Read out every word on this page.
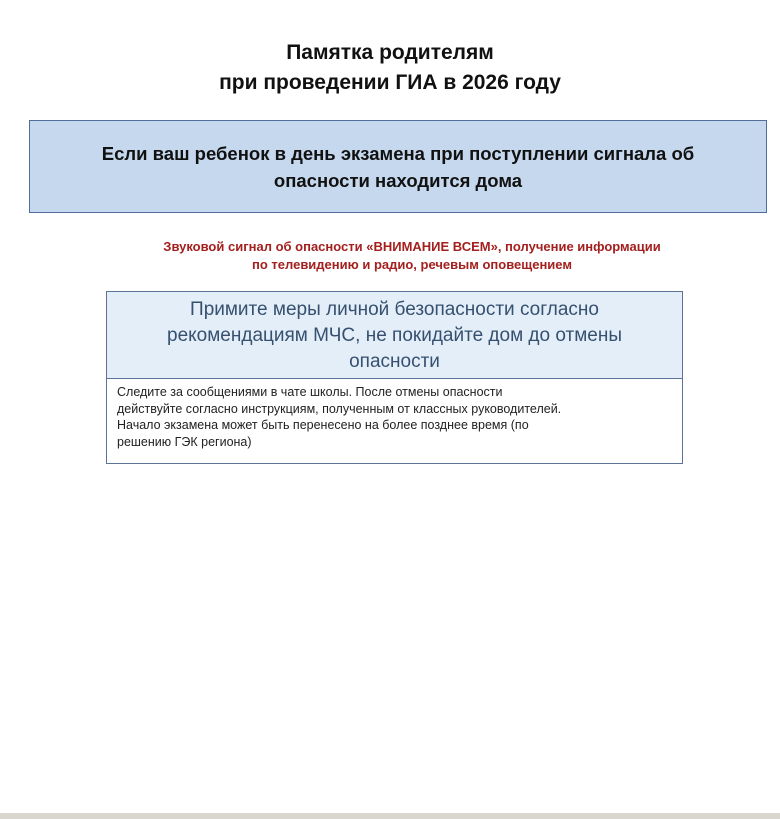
Памятка родителям
при проведении ГИА в 2026 году
Если ваш ребенок в день экзамена при поступлении сигнала об
опасности находится дома
Звуковой сигнал об опасности «ВНИМАНИЕ ВСЕМ», получение информации
по телевидению и радио, речевым оповещением
Примите меры личной безопасности согласно
рекомендациям МЧС, не покидайте дом до отмены
опасности
Следите за сообщениями в чате школы. После отмены опасности
действуйте согласно инструкциям, полученным от классных руководителей.
Начало экзамена может быть перенесено на более позднее время (по
решению ГЭК региона)
